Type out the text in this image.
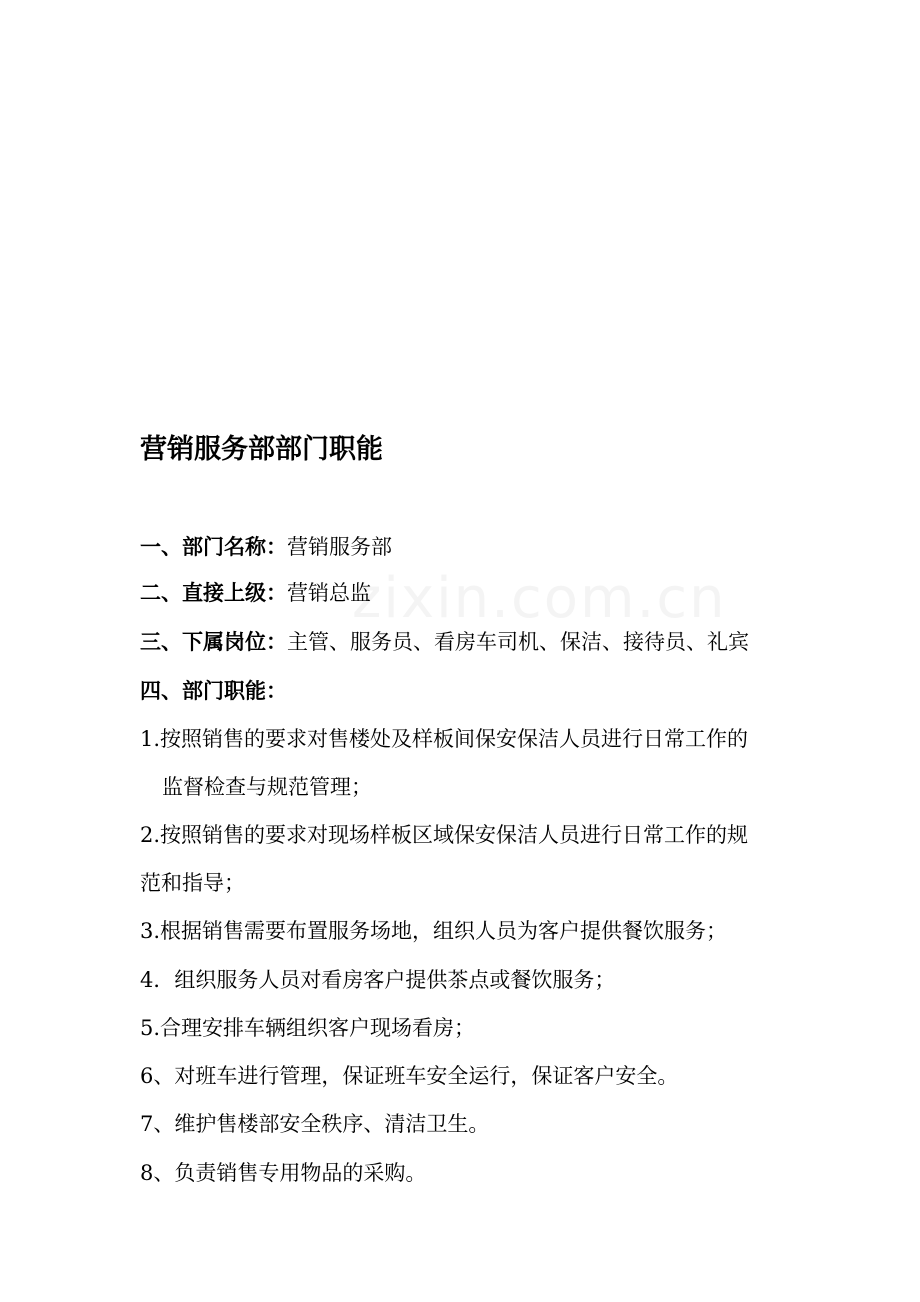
zixin.com.cn
营销服务部部门职能
一、部门名称：营销服务部
二、直接上级：营销总监
三、下属岗位：主管、服务员、看房车司机、保洁、接待员、礼宾
四、部门职能：
1.按照销售的要求对售楼处及样板间保安保洁人员进行日常工作的
监督检查与规范管理；
2.按照销售的要求对现场样板区域保安保洁人员进行日常工作的规
范和指导；
3.根据销售需要布置服务场地，组织人员为客户提供餐饮服务；
4．组织服务人员对看房客户提供茶点或餐饮服务；
5.合理安排车辆组织客户现场看房；
6、对班车进行管理，保证班车安全运行，保证客户安全。
7、维护售楼部安全秩序、清洁卫生。
8、负责销售专用物品的采购。
